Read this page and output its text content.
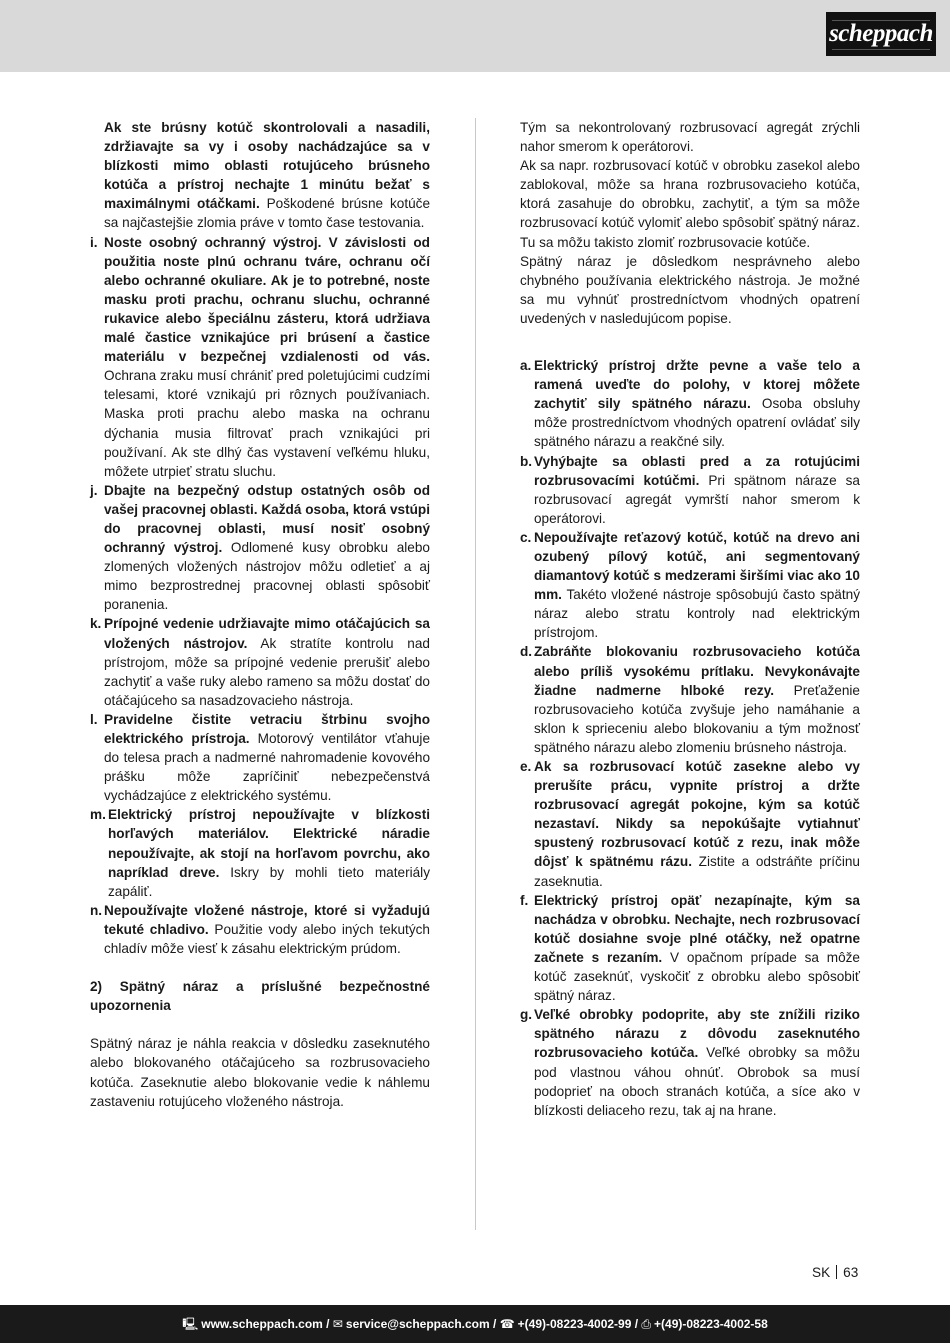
scheppach

Ak ste brúsny kotúč skontrolovali a nasadili, zdržiavajte sa vy i osoby nachádzajúce sa v blízkosti mimo oblasti rotujúceho brúsneho kotúča a prístroj nechajte 1 minútu bežať s maximálnymi otáčkami. Poškodené brúsne kotúče sa najčastejšie zlomia práve v tomto čase testovania.

i. Noste osobný ochranný výstroj. V závislosti od použitia noste plnú ochranu tváre, ochranu očí alebo ochranné okuliare. Ak je to potrebné, noste masku proti prachu, ochranu sluchu, ochranné rukavice alebo špeciálnu zásteru, ktorá udržiava malé častice vznikajúce pri brúsení a častice materiálu v bezpečnej vzdialenosti od vás. Ochrana zraku musí chrániť pred poletujúcimi cudzími telesami, ktoré vznikajú pri rôznych používaniach. Maska proti prachu alebo maska na ochranu dýchania musia filtrovať prach vznikajúci pri používaní. Ak ste dlhý čas vystavení veľkému hluku, môžete utrpieť stratu sluchu.
j. Dbajte na bezpečný odstup ostatných osôb od vašej pracovnej oblasti. Každá osoba, ktorá vstúpi do pracovnej oblasti, musí nosiť osobný ochranný výstroj. Odlomené kusy obrobku alebo zlomených vložených nástrojov môžu odletieť a aj mimo bezprostrednej pracovnej oblasti spôsobiť poranenia.
k. Prípojné vedenie udržiavajte mimo otáčajúcich sa vložených nástrojov. Ak stratíte kontrolu nad prístrojom, môže sa prípojné vedenie prerušiť alebo zachytiť a vaše ruky alebo rameno sa môžu dostať do otáčajúceho sa nasadzovacieho nástroja.
l. Pravidelne čistite vetraciu štrbinu svojho elektrického prístroja. Motorový ventilátor vťahuje do telesa prach a nadmerné nahromadenie kovového prášku môže zapríčiniť nebezpečenstvá vychádzajúce z elektrického systému.
m. Elektrický prístroj nepoužívajte v blízkosti horľavých materiálov. Elektrické náradie nepoužívajte, ak stojí na horľavom povrchu, ako napríklad dreve. Iskry by mohli tieto materiály zapáliť.
n. Nepoužívajte vložené nástroje, ktoré si vyžadujú tekuté chladivo. Použitie vody alebo iných tekutých chladív môže viesť k zásahu elektrickým prúdom.

2) Spätný náraz a príslušné bezpečnostné upozornenia

Spätný náraz je náhla reakcia v dôsledku zaseknutého alebo blokovaného otáčajúceho sa rozbrusovacieho kotúča. Zaseknutie alebo blokovanie vedie k náhlemu zastaveniu rotujúceho vloženého nástroja.

Tým sa nekontrolovaný rozbrusovací agregát zrýchli nahor smerom k operátorovi.

Ak sa napr. rozbrusovací kotúč v obrobku zasekol alebo zablokoval, môže sa hrana rozbrusovacieho kotúča, ktorá zasahuje do obrobku, zachytiť, a tým sa môže rozbrusovací kotúč vylomiť alebo spôsobiť spätný náraz. Tu sa môžu takisto zlomiť rozbrusovacie kotúče.

Spätný náraz je dôsledkom nesprávneho alebo chybného používania elektrického nástroja. Je možné sa mu vyhnúť prostredníctvom vhodných opatrení uvedených v nasledujúcom popise.

a. Elektrický prístroj držte pevne a vaše telo a ramená uveďte do polohy, v ktorej môžete zachytiť sily spätného nárazu. Osoba obsluhy môže prostredníctvom vhodných opatrení ovládať sily spätného nárazu a reakčné sily.
b. Vyhýbajte sa oblasti pred a za rotujúcimi rozbrusovacími kotúčmi. Pri spätnom náraze sa rozbrusovací agregát vymrští nahor smerom k operátorovi.
c. Nepoužívajte reťazový kotúč, kotúč na drevo ani ozubený pílový kotúč, ani segmentovaný diamantový kotúč s medzerami širšími viac ako 10 mm. Takéto vložené nástroje spôsobujú často spätný náraz alebo stratu kontroly nad elektrickým prístrojom.
d. Zabráňte blokovaniu rozbrusovacieho kotúča alebo príliš vysokému prítlaku. Nevykonávajte žiadne nadmerne hlboké rezy. Preťaženie rozbrusovacieho kotúča zvyšuje jeho namáhanie a sklon k sprieceniu alebo blokovaniu a tým možnosť spätného nárazu alebo zlomeniu brúsneho nástroja.
e. Ak sa rozbrusovací kotúč zasekne alebo vy prerušíte prácu, vypnite prístroj a držte rozbrusovací agregát pokojne, kým sa kotúč nezastaví. Nikdy sa nepokúšajte vytiahnuť spustený rozbrusovací kotúč z rezu, inak môže dôjsť k spätnému rázu. Zistite a odstráňte príčinu zaseknutia.
f. Elektrický prístroj opäť nezapínajte, kým sa nachádza v obrobku. Nechajte, nech rozbrusovací kotúč dosiahne svoje plné otáčky, než opatrne začnete s rezaním. V opačnom prípade sa môže kotúč zaseknúť, vyskočiť z obrobku alebo spôsobiť spätný náraz.
g. Veľké obrobky podoprite, aby ste znížili riziko spätného nárazu z dôvodu zaseknutého rozbrusovacieho kotúča. Veľké obrobky sa môžu pod vlastnou váhou ohnúť. Obrobok sa musí podoprieť na oboch stranách kotúča, a síce ako v blízkosti deliaceho rezu, tak aj na hrane.
SK 63
🖳︎ www.scheppach.com / ✉︎ service@scheppach.com / ☎︎ +(49)-08223-4002-99 / ⎙ +(49)-08223-4002-58
